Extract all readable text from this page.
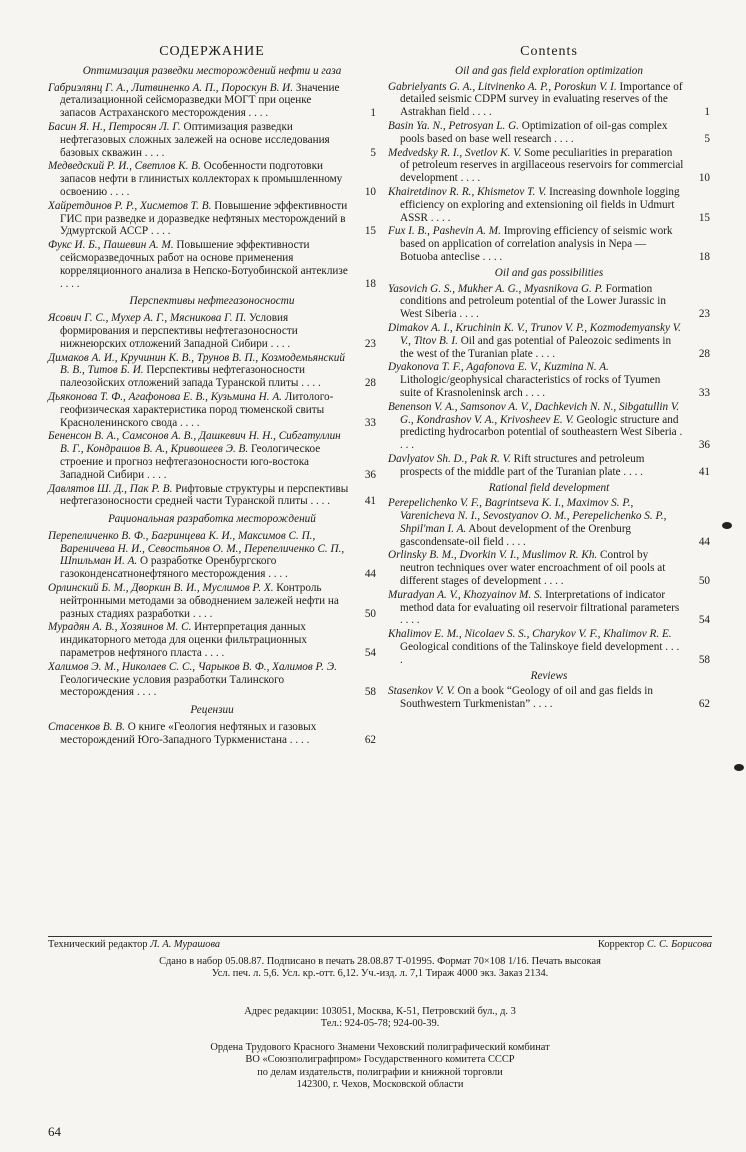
СОДЕРЖАНИЕ
Оптимизация разведки месторождений нефти и газа
Габриэлянц Г. А., Литвиненко А. П., Порoскун В. И. Значение детализационной сейсморазведки МОГТ при оценке запасов Астраханского месторождения . . . .	1
Басин Я. Н., Петросян Л. Г. Оптимизация разведки нефтегазовых сложных залежей на основе исследования базовых скважин . . . .	5
Медведский Р. И., Светлов К. В. Особенности подготовки запасов нефти в глинистых коллекторах к промышленному освоению . . . .	10
Хайретдинов Р. Р., Хисметов Т. В. Повышение эффективности ГИС при разведке и доразведке нефтяных месторождений в Удмуртской АССР . . . .	15
Фукс И. Б., Пашевин А. М. Повышение эффективности сейсморазведочных работ на основе применения корреляционного анализа в Непско-Ботуобинской антеклизе . . . .	18
Перспективы нефтегазоносности
Ясович Г. С., Мухер А. Г., Мясникова Г. П. Условия формирования и перспективы нефтегазоносности нижнеюрских отложений Западной Сибири . . . .	23
Димаков А. И., Кручинин К. В., Трунов В. П., Козмодемьянский В. В., Титов Б. И. Перспективы нефтегазоносности палеозойских отложений запада Туранской плиты . . . .	28
Дьяконова Т. Ф., Агафонова Е. В., Кузьмина Н. А. Литолого-геофизическая характеристика пород тюменской свиты Красноленинского свода . . . .	33
Бененсон В. А., Самсонов А. В., Дашкевич Н. Н., Сибгатуллин В. Г., Кондрашов В. А., Кривошеев Э. В. Геологическое строение и прогноз нефтегазоносности юго-востока Западной Сибири . . . .	36
Давлятов Ш. Д., Пак Р. В. Рифтовые структуры и перспективы нефтегазоносности средней части Туранской плиты . . . .	41
Рациональная разработка месторождений
Перепеличенко В. Ф., Багринцева К. И., Максимов С. П., Вареничева Н. И., Севостьянов О. М., Перепеличенко С. П., Шпильман И. А. О разработке Оренбургского газоконденсатнонефтяного месторождения . . . .	44
Орлинский Б. М., Дворкин В. И., Муслимов Р. Х. Контроль нейтронными методами за обводнением залежей нефти на разных стадиях разработки . . . .	50
Мурадян А. В., Хозяинов М. С. Интерпретация данных индикаторного метода для оценки фильтрационных параметров нефтяного пласта . . . .	54
Халимов Э. М., Николаев С. С., Чарыков В. Ф., Халимов Р. Э. Геологические условия разработки Талинского месторождения . . . .	58
Рецензии
Стасенков В. В. О книге «Геология нефтяных и газовых месторождений Юго-Западного Туркменистана . . . .	62
Contents
Oil and gas field exploration optimization
Gabrielyants G. A., Litvinenko A. P., Poroskun V. I. Importance of detailed seismic CDPM survey in evaluating reserves of the Astrakhan field . . . .	1
Basin Ya. N., Petrosyan L. G. Optimization of oil-gas complex pools based on base well research . . . .	5
Medvedsky R. I., Svetlov K. V. Some peculiarities in preparation of petroleum reserves in argillaceous reservoirs for commercial development . . . .	10
Khairetdinov R. R., Khismetov T. V. Increasing downhole logging efficiency on exploring and extensioning oil fields in Udmurt ASSR . . . .	15
Fux I. B., Pashevin A. M. Improving efficiency of seismic work based on application of correlation analysis in Nepa — Botuoba anteclise . . . .	18
Oil and gas possibilities
Yasovich G. S., Mukher A. G., Myasnikova G. P. Formation conditions and petroleum potential of the Lower Jurassic in West Siberia . . . .	23
Dimakov A. I., Kruchinin K. V., Trunov V. P., Kozmodemyansky V. V., Titov B. I. Oil and gas potential of Paleozoic sediments in the west of the Turanian plate . . . .	28
Dyakonova T. F., Agafonova E. V., Kuzmina N. A. Lithologic/geophysical characteristics of rocks of Tyumen suite of Krasnoleninsk arch . . . .	33
Benenson V. A., Samsonov A. V., Dachkevich N. N., Sibgatullin V. G., Kondrashov V. A., Krivosheev E. V. Geologic structure and predicting hydrocarbon potential of southeastern West Siberia . . . .	36
Davlyatov Sh. D., Pak R. V. Rift structures and petroleum prospects of the middle part of the Turanian plate . . . .	41
Rational field development
Perepelichenko V. F., Bagrintseva K. I., Maximov S. P., Varenicheva N. I., Sevostyanov O. M., Perepelichenko S. P., Shpil'man I. A. About development of the Orenburg gascondensate-oil field . . . .	44
Orlinsky B. M., Dvorkin V. I., Muslimov R. Kh. Control by neutron techniques over water encroachment of oil pools at different stages of development . . . .	50
Muradyan A. V., Khozyainov M. S. Interpretations of indicator method data for evaluating oil reservoir filtrational parameters . . . .	54
Khalimov E. M., Nicolaev S. S., Charykov V. F., Khalimov R. E. Geological conditions of the Talinskoye field development . . . .	58
Reviews
Stasenkov V. V. On a book “Geology of oil and gas fields in Southwestern Turkmenistan” . . . .	62
Технический редактор Л. А. Мурашова	Корректор С. С. Борисова
Сдано в набор 05.08.87. Подписано в печать 28.08.87 Т-01995. Формат 70×108 1/16. Печать высокая
Усл. печ. л. 5,6. Усл. кр.-отт. 6,12. Уч.-изд. л. 7,1 Тираж 4000 экз. Заказ 2134.
Адрес редакции: 103051, Москва, К-51, Петровский бул., д. 3
Тел.: 924-05-78; 924-00-39.
Ордена Трудового Красного Знамени Чеховский полиграфический комбинат
ВО «Союзполиграфпром» Государственного комитета СССР
по делам издательств, полиграфии и книжной торговли
142300, г. Чехов, Московской области
64
